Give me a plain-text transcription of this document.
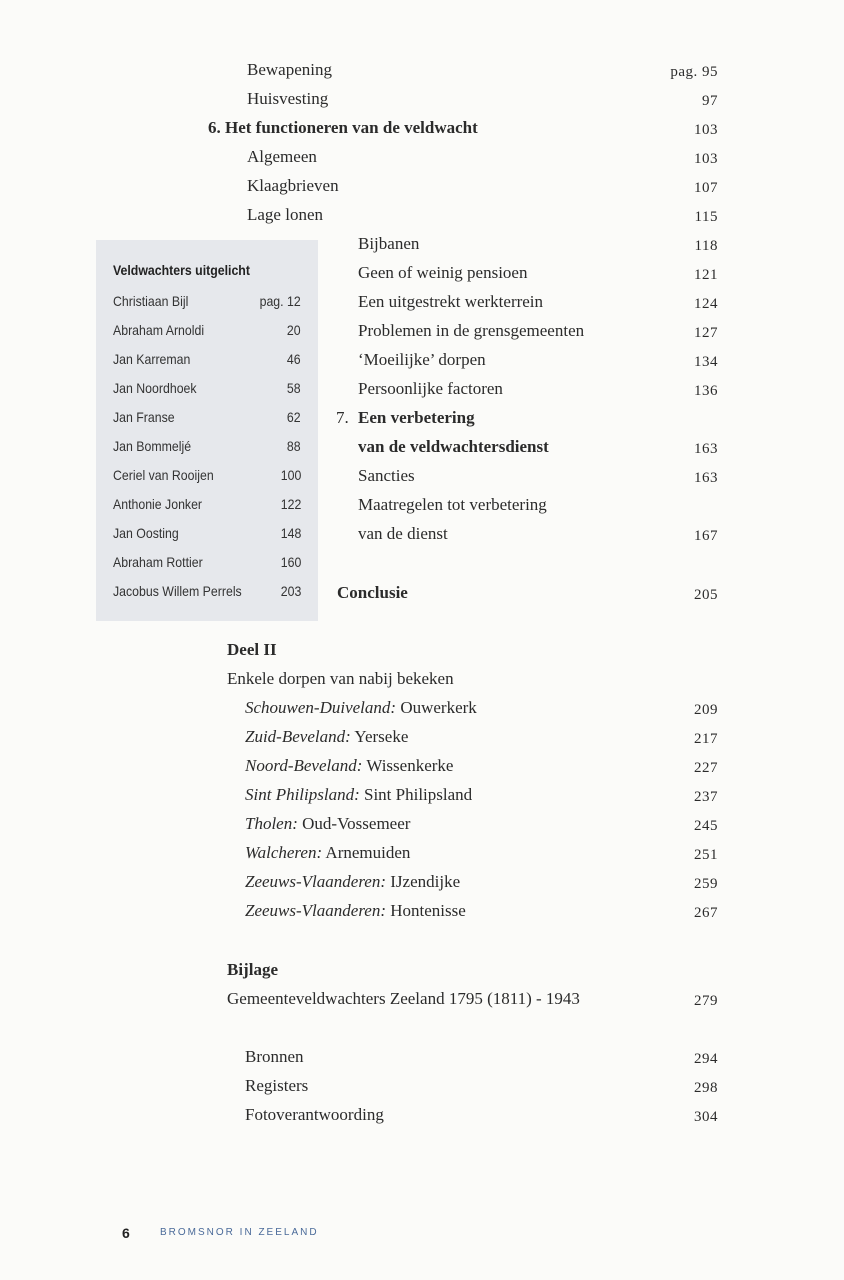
Bewapening	pag. 95
Huisvesting	97
6. Het functioneren van de veldwacht	103
Algemeen	103
Klaagbrieven	107
Lage lonen	115
Bijbanen	118
Geen of weinig pensioen	121
Een uitgestrekt werkterrein	124
Problemen in de grensgemeenten	127
‘Moeilijke’ dorpen	134
Persoonlijke factoren	136
7. Een verbetering
van de veldwachtersdienst	163
Sancties	163
Maatregelen tot verbetering
van de dienst	167
Conclusie	205
Veldwachters uitgelicht
Christiaan Bijl	pag. 12
Abraham Arnoldi	20
Jan Karreman	46
Jan Noordhoek	58
Jan Franse	62
Jan Bommeljé	88
Ceriel van Rooijen	100
Anthonie Jonker	122
Jan Oosting	148
Abraham Rottier	160
Jacobus Willem Perrels	203
Deel II
Enkele dorpen van nabij bekeken
Schouwen-Duiveland: Ouwerkerk	209
Zuid-Beveland: Yerseke	217
Noord-Beveland: Wissenkerke	227
Sint Philipsland: Sint Philipsland	237
Tholen: Oud-Vossemeer	245
Walcheren: Arnemuiden	251
Zeeuws-Vlaanderen: IJzendijke	259
Zeeuws-Vlaanderen: Hontenisse	267
Bijlage
Gemeenteveldwachters Zeeland 1795 (1811) - 1943	279
Bronnen	294
Registers	298
Fotoverantwoording	304
6	BROMSNOR IN ZEELAND
